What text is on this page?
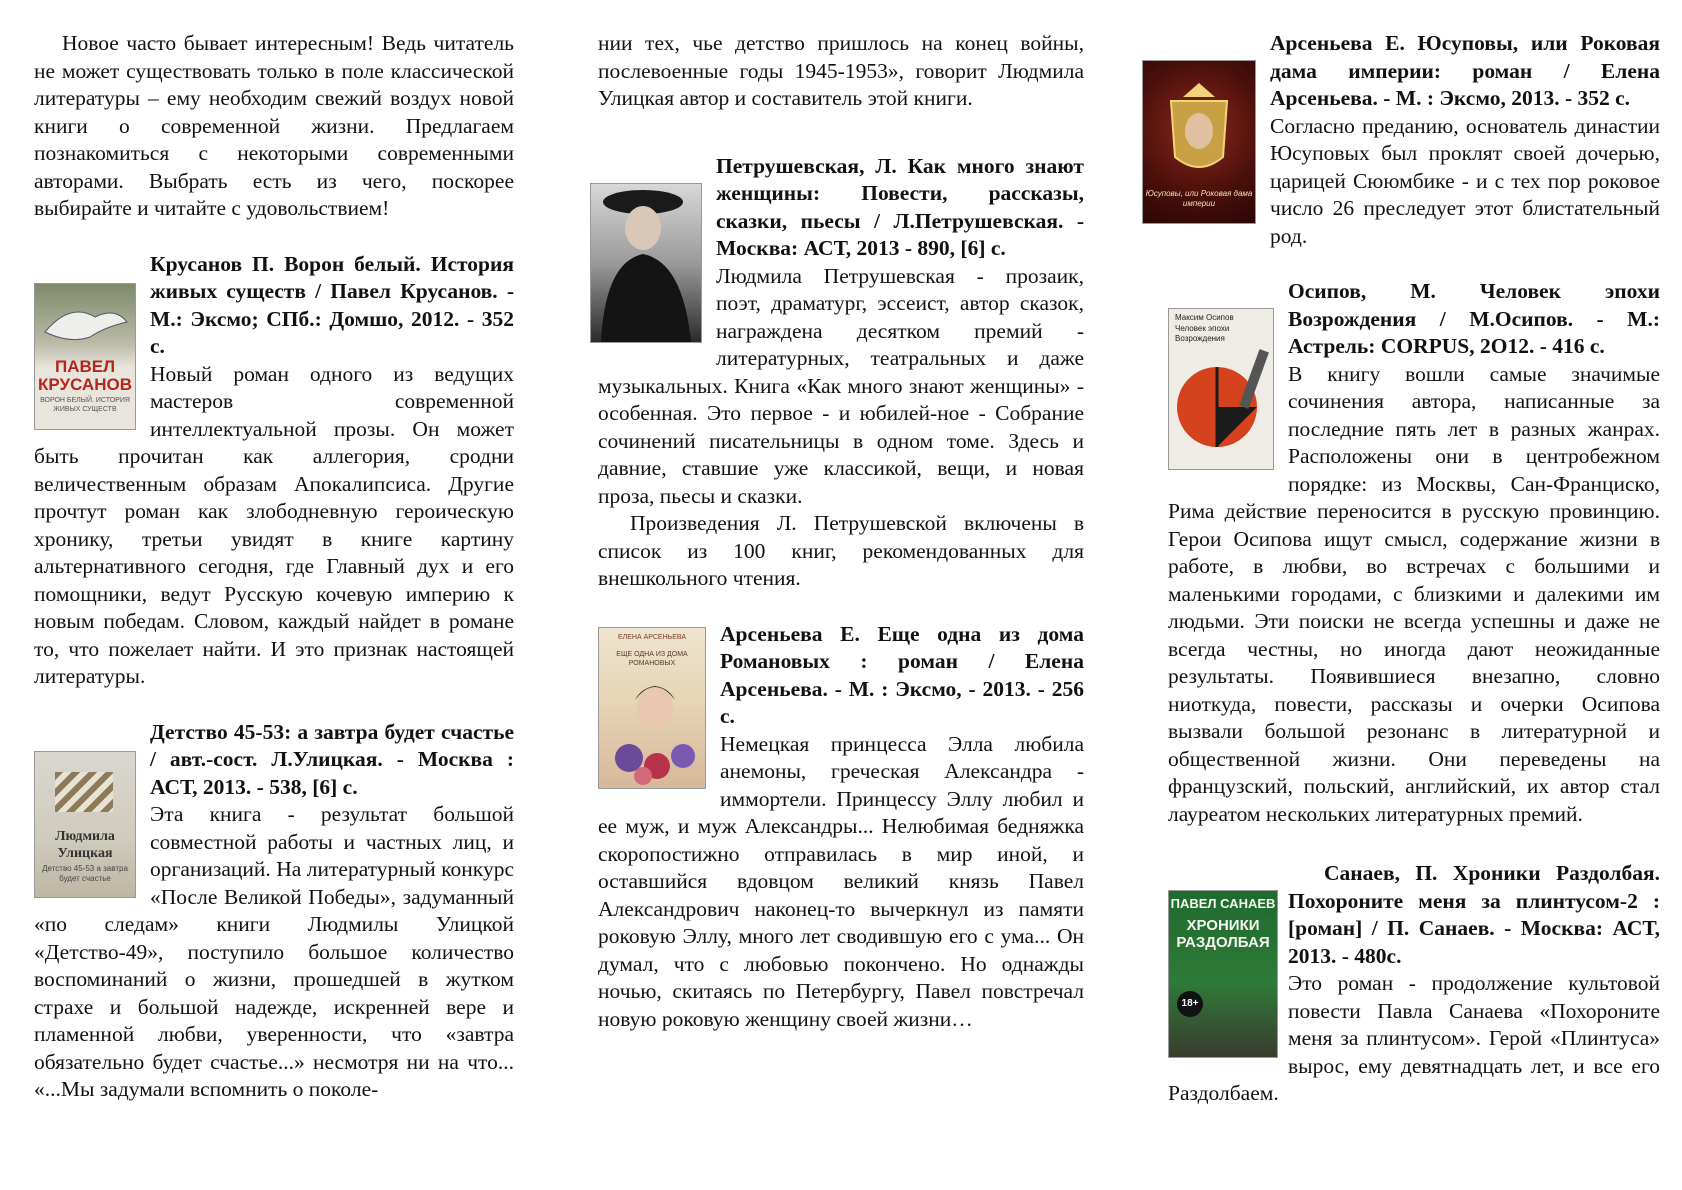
Новое часто бывает интересным! Ведь читатель не может существовать только в поле классической литературы – ему необходим свежий воздух новой книги о современной жизни. Предлагаем познакомиться с некоторыми современными авторами. Выбрать есть из чего, поскорее выбирайте и читайте с удовольствием!

ПАВЕЛ КРУСАНОВ
ВОРОН БЕЛЫЙ. ИСТОРИЯ ЖИВЫХ СУЩЕСТВ

Крусанов П. Ворон белый. История живых существ / Павел Крусанов. - М.: Эксмо; СПб.: Домшо, 2012. - 352 с.

Новый роман одного из ведущих мастеров современной интеллектуальной прозы. Он может быть прочитан как аллегория, сродни величественным образам Апокалипсиса. Другие прочтут роман как злободневную героическую хронику, третьи увидят в книге картину альтернативного сегодня, где Главный дух и его помощники, ведут Русскую кочевую империю к новым победам. Словом, каждый найдет в романе то, что пожелает найти. И это признак настоящей литературы.

Людмила Улицкая
Детство 45-53 а завтра будет счастье

Детство 45-53: а завтра будет счастье / авт.-сост. Л.Улицкая. - Москва : АСТ, 2013. - 538, [6] с.

Эта книга - результат большой совместной работы и частных лиц, и организаций. На литературный конкурс «После Великой Победы», задуманный «по следам» книги Людмилы Улицкой «Детство-49», поступило большое количество воспоминаний о жизни, прошедшей в жутком страхе и большой надежде, искренней вере и пламенной любви, уверенности, что «завтра обязательно будет счастье...» несмотря ни на что... «...Мы задумали вспомнить о поколе-

нии тех, чье детство пришлось на конец войны, послевоенные годы 1945-1953», говорит Людмила Улицкая автор и составитель этой книги.

Петрушевская, Л. Как много знают женщины: Повести, рассказы, сказки, пьесы / Л.Петрушевская. - Москва: АСТ, 2013 - 890, [6] с.

Людмила Петрушевская - прозаик, поэт, драматург, эссеист, автор сказок, награждена десятком премий - литературных, театральных и даже музыкальных. Книга «Как много знают женщины» - особенная. Это первое - и юбилей-ное - Собрание сочинений писательницы в одном томе. Здесь и давние, ставшие уже классикой, вещи, и новая проза, пьесы и сказки.

Произведения Л. Петрушевской включены в список из 100 книг, рекомендованных для внешкольного чтения.

ЕЛЕНА АРСЕНЬЕВА
ЕЩЕ ОДНА ИЗ ДОМА РОМАНОВЫХ

Арсеньева Е. Еще одна из дома Романовых : роман / Елена Арсеньева. - М. : Эксмо, - 2013. - 256 с.

Немецкая принцесса Элла любила анемоны, греческая Александра - иммортели. Принцессу Эллу любил и ее муж, и муж Александры... Нелюбимая бедняжка скоропостижно отправилась в мир иной, и оставшийся вдовцом великий князь Павел Александрович наконец-то вычеркнул из памяти роковую Эллу, много лет сводившую его с ума... Он думал, что с любовью покончено. Но однажды ночью, скитаясь по Петербургу, Павел повстречал новую роковую женщину своей жизни…

Юсуповы, или Роковая дама империи

Арсеньева Е. Юсуповы, или Роковая дама империи: роман / Елена Арсеньева. - М. : Эксмо, 2013. - 352 с.

Согласно преданию, основатель династии Юсуповых был проклят своей дочерью, царицей Сююмбике - и с тех пор роковое число 26 преследует этот блистательный род.

Максим Осипов
Человек эпохи Возрождения

Осипов, М. Человек эпохи Возрождения / М.Осипов. - М.: Астрель: CORPUS, 2O12. - 416 с.

В книгу вошли самые значимые сочинения автора, написанные за последние пять лет в разных жанрах. Расположены они в центробежном порядке: из Москвы, Сан-Франциско, Рима действие переносится в русскую провинцию. Герои Осипова ищут смысл, содержание жизни в работе, в любви, во встречах с большими и маленькими городами, с близкими и далекими им людьми. Эти поиски не всегда успешны и даже не всегда честны, но иногда дают неожиданные результаты. Появившиеся внезапно, словно ниоткуда, повести, рассказы и очерки Осипова вызвали большой резонанс в литературной и общественной жизни. Они переведены на французский, польский, английский, их автор стал лауреатом нескольких литературных премий.

Санаев, П. Хроники Раздолбая. Похороните меня за плинтусом-2 : [роман] / П. Санаев. - Москва: АСТ, 2013. - 480с.

ПАВЕЛ САНАЕВ
ХРОНИКИ РАЗДОЛБАЯ
18+

Это роман - продолжение культовой повести Павла Санаева «Похороните меня за плинтусом». Герой «Плинтуса» вырос, ему девятнадцать лет, и все его Раздолбаем.
